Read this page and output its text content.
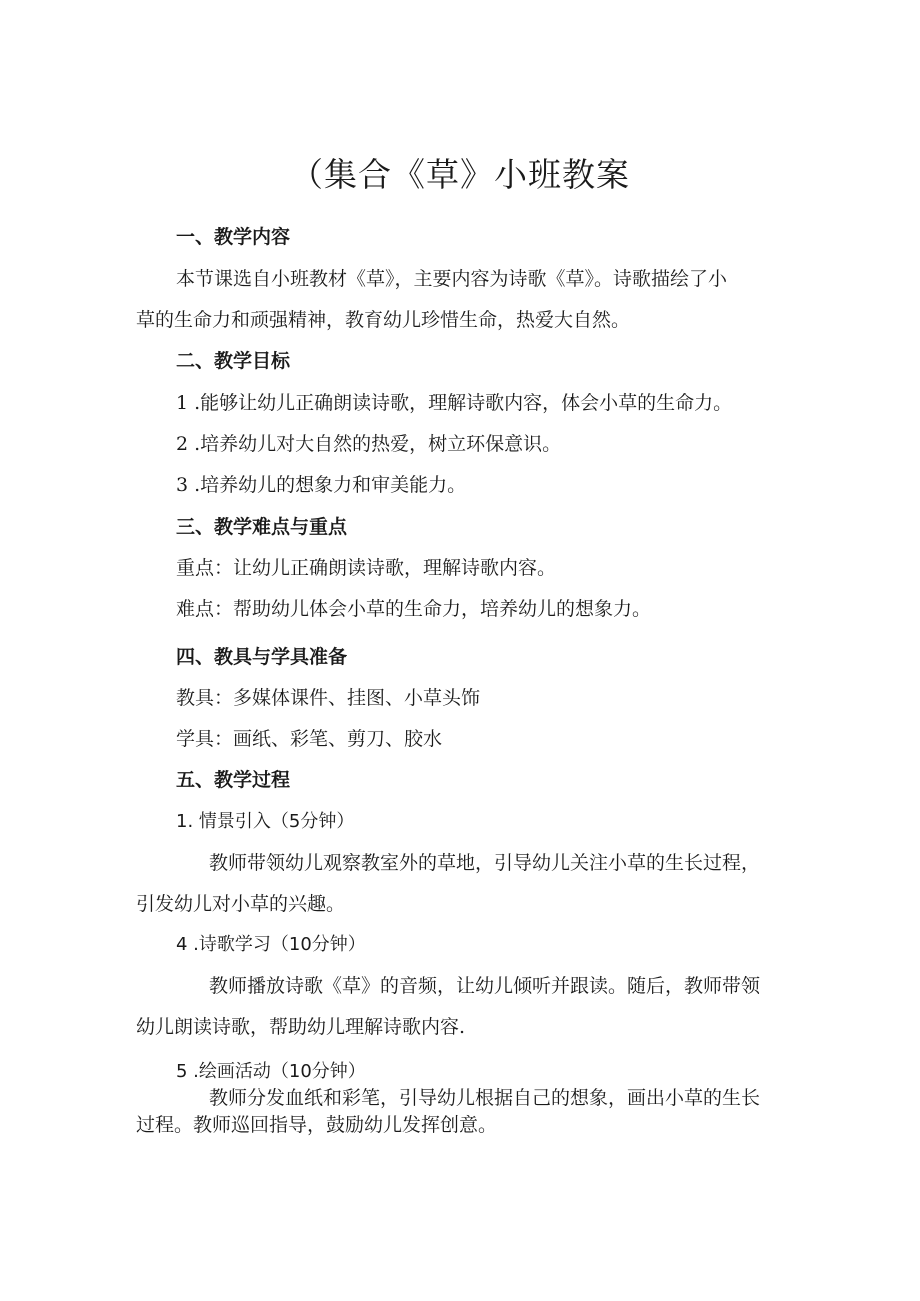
（集合《草》小班教案
一、教学内容
本节课选自小班教材《草》，主要内容为诗歌《草》。诗歌描绘了小
草的生命力和顽强精神，教育幼儿珍惜生命，热爱大自然。
二、教学目标
1 .能够让幼儿正确朗读诗歌，理解诗歌内容，体会小草的生命力。
2 .培养幼儿对大自然的热爱，树立环保意识。
3 .培养幼儿的想象力和审美能力。
三、教学难点与重点
重点：让幼儿正确朗读诗歌，理解诗歌内容。
难点：帮助幼儿体会小草的生命力，培养幼儿的想象力。
四、教具与学具准备
教具：多媒体课件、挂图、小草头饰
学具：画纸、彩笔、剪刀、胶水
五、教学过程
1. 情景引入（5分钟）
教师带领幼儿观察教室外的草地，引导幼儿关注小草的生长过程，
引发幼儿对小草的兴趣。
4 .诗歌学习（10分钟）
教师播放诗歌《草》的音频，让幼儿倾听并跟读。随后，教师带领
幼儿朗读诗歌，帮助幼儿理解诗歌内容.
5 .绘画活动（10分钟）
教师分发血纸和彩笔，引导幼儿根据自己的想象，画出小草的生长
过程。教师巡回指导，鼓励幼儿发挥创意。
